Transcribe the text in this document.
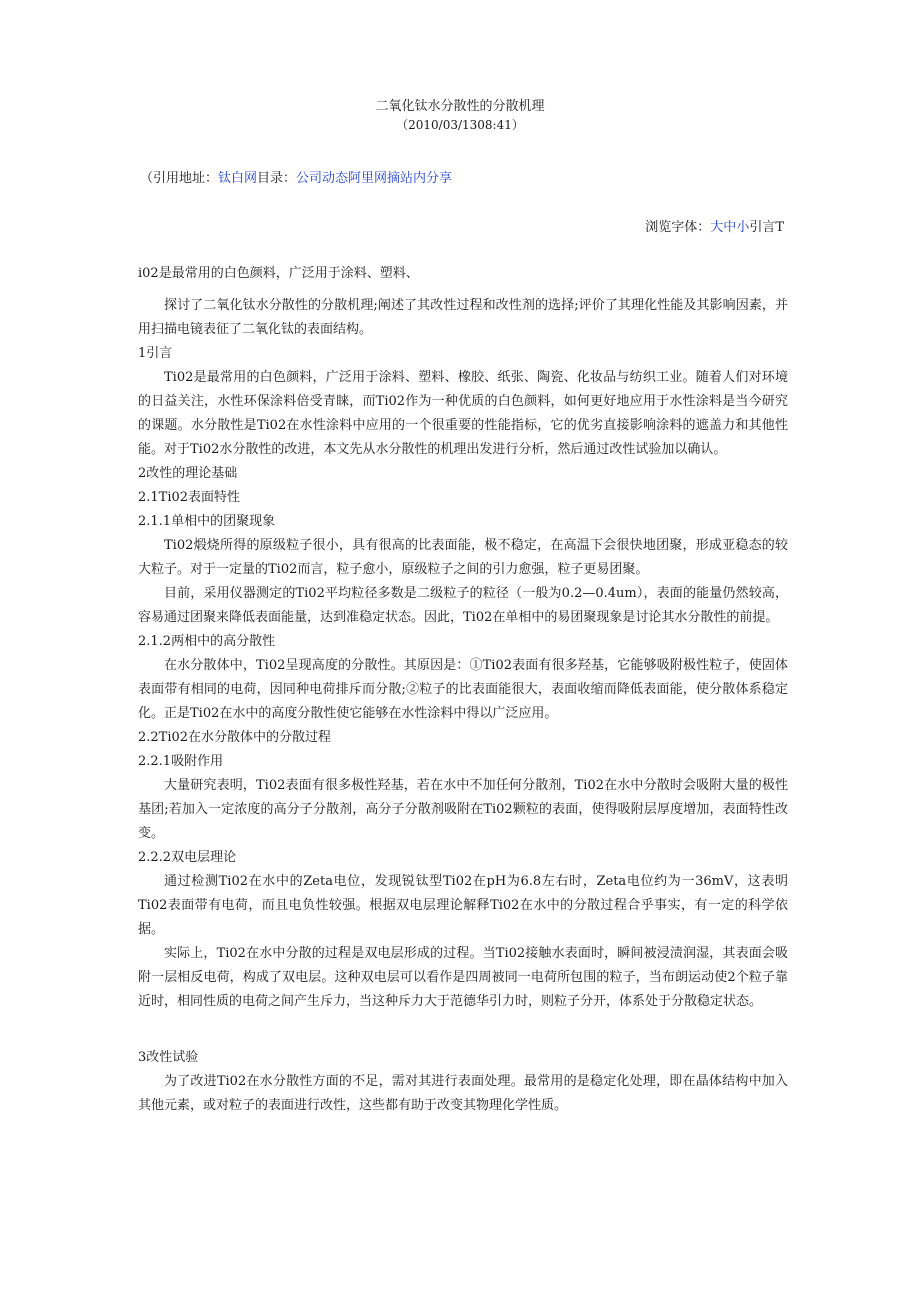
二氧化钛水分散性的分散机理
（2010/03/1308:41）
（引用地址：钛白网目录：公司动态阿里网摘站内分享
浏览字体：大中小引言T

i02是最常用的白色颜料，广泛用于涂料、塑料、

探讨了二氧化钛水分散性的分散机理;阐述了其改性过程和改性剂的选择;评价了其理化性能及其影响因素，并用扫描电镜表征了二氧化钛的表面结构。

1引言

Ti02是最常用的白色颜料，广泛用于涂料、塑料、橡胶、纸张、陶瓷、化妆品与纺织工业。随着人们对环境的日益关注，水性环保涂料倍受青睐，而Ti02作为一种优质的白色颜料，如何更好地应用于水性涂料是当今研究的课题。水分散性是Ti02在水性涂料中应用的一个很重要的性能指标，它的优劣直接影响涂料的遮盖力和其他性能。对于Ti02水分散性的改进，本文先从水分散性的机理出发进行分析，然后通过改性试验加以确认。

2改性的理论基础

2.1Ti02表面特性

2.1.1单相中的团聚现象

Ti02煅烧所得的原级粒子很小，具有很高的比表面能，极不稳定，在高温下会很快地团聚，形成亚稳态的较大粒子。对于一定量的Ti02而言，粒子愈小，原级粒子之间的引力愈强，粒子更易团聚。

目前，采用仪器测定的Ti02平均粒径多数是二级粒子的粒径（一般为0.2—0.4um），表面的能量仍然较高，容易通过团聚来降低表面能量，达到准稳定状态。因此，Ti02在单相中的易团聚现象是讨论其水分散性的前提。

2.1.2两相中的高分散性

在水分散体中，Ti02呈现高度的分散性。其原因是：①Ti02表面有很多羟基，它能够吸附极性粒子，使固体表面带有相同的电荷，因同种电荷排斥而分散;②粒子的比表面能很大，表面收缩而降低表面能，使分散体系稳定化。正是Ti02在水中的高度分散性使它能够在水性涂料中得以广泛应用。

2.2Ti02在水分散体中的分散过程

2.2.1吸附作用

大量研究表明，Ti02表面有很多极性羟基，若在水中不加任何分散剂，Ti02在水中分散时会吸附大量的极性基团;若加入一定浓度的高分子分散剂，高分子分散剂吸附在Ti02颗粒的表面，使得吸附层厚度增加，表面特性改变。

2.2.2双电层理论

通过检测Ti02在水中的Zeta电位，发现锐钛型Ti02在pH为6.8左右时，Zeta电位约为一36mV，这表明Ti02表面带有电荷，而且电负性较强。根据双电层理论解释Ti02在水中的分散过程合乎事实，有一定的科学依据。

实际上，Ti02在水中分散的过程是双电层形成的过程。当Ti02接触水表面时，瞬间被浸渍润湿，其表面会吸附一层相反电荷，构成了双电层。这种双电层可以看作是四周被同一电荷所包围的粒子，当布朗运动使2个粒子靠近时，相同性质的电荷之间产生斥力，当这种斥力大于范德华引力时，则粒子分开，体系处于分散稳定状态。

3改性试验

为了改进Ti02在水分散性方面的不足，需对其进行表面处理。最常用的是稳定化处理，即在晶体结构中加入其他元素，或对粒子的表面进行改性，这些都有助于改变其物理化学性质。
